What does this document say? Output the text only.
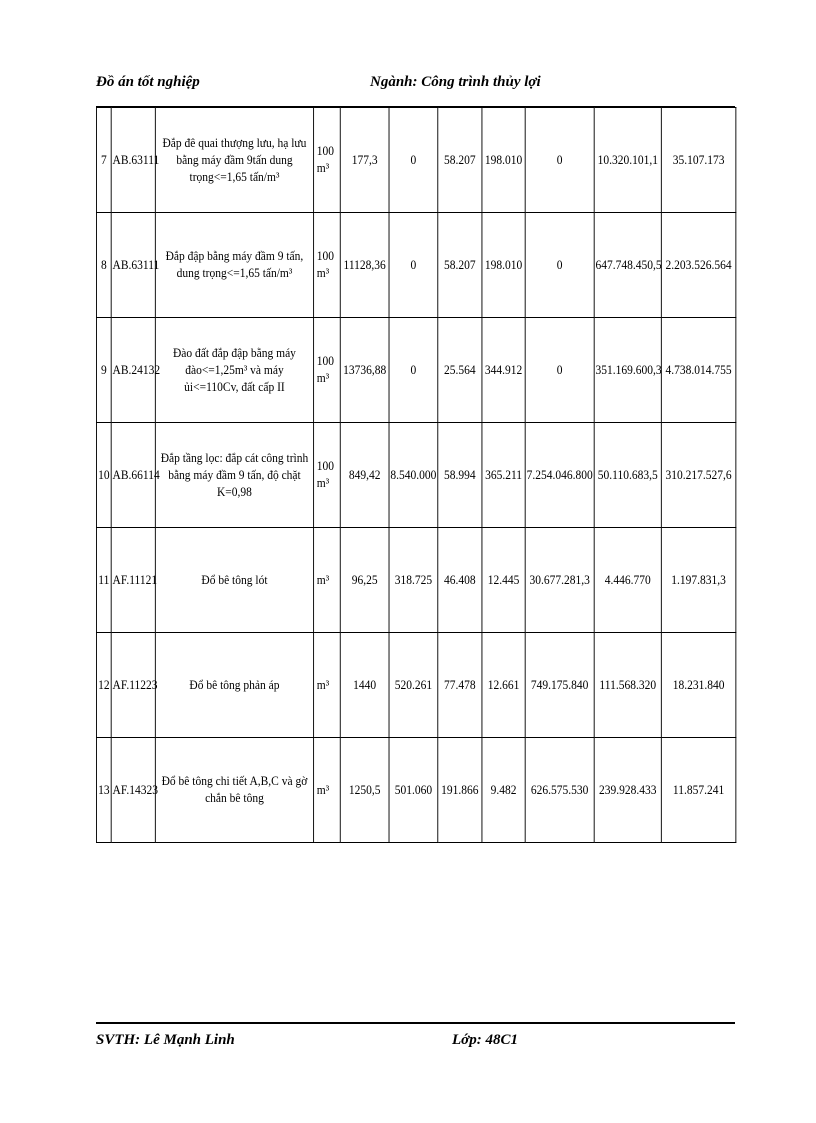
Đồ án tốt nghiệp	Ngành: Công trình thủy lợi
7	AB.63111	Đắp đê quai thượng lưu, hạ lưu bằng máy đầm 9tấn dung trọng<=1,65 tấn/m³	100 m³	177,3	0	58.207	198.010	0	10.320.101,1	35.107.173
8	AB.63111	Đắp đập bằng máy đầm 9 tấn, dung trọng<=1,65 tấn/m³	100 m³	11128,36	0	58.207	198.010	0	647.748.450,5	2.203.526.564
9	AB.24132	Đào đất đắp đập bằng máy đào<=1,25m³ và máy ủi<=110Cv, đất cấp II	100 m³	13736,88	0	25.564	344.912	0	351.169.600,3	4.738.014.755
10	AB.66114	Đắp tầng lọc: đắp cát công trình bằng máy đầm 9 tấn, độ chặt K=0,98	100 m³	849,42	8.540.000	58.994	365.211	7.254.046.800	50.110.683,5	310.217.527,6
11	AF.11121	Đổ bê tông lót	m³	96,25	318.725	46.408	12.445	30.677.281,3	4.446.770	1.197.831,3
12	AF.11223	Đổ bê tông phản áp	m³	1440	520.261	77.478	12.661	749.175.840	111.568.320	18.231.840
13	AF.14323	Đổ bê tông chi tiết A,B,C và gờ chắn bê tông	m³	1250,5	501.060	191.866	9.482	626.575.530	239.928.433	11.857.241
SVTH: Lê Mạnh Linh	Lớp: 48C1
